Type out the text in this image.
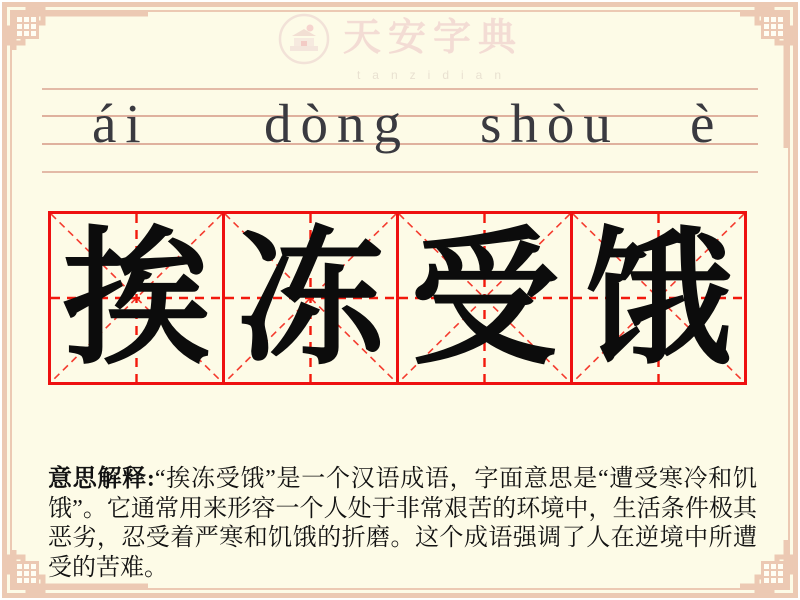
天安字典
tanzidian
ái dòng shòu è
挨 冻 受 饿

意思解释:“挨冻受饿”是一个汉语成语，字面意思是“遭受寒冷和饥饿”。它通常用来形容一个人处于非常艰苦的环境中，生活条件极其恶劣，忍受着严寒和饥饿的折磨。这个成语强调了人在逆境中所遭受的苦难。
